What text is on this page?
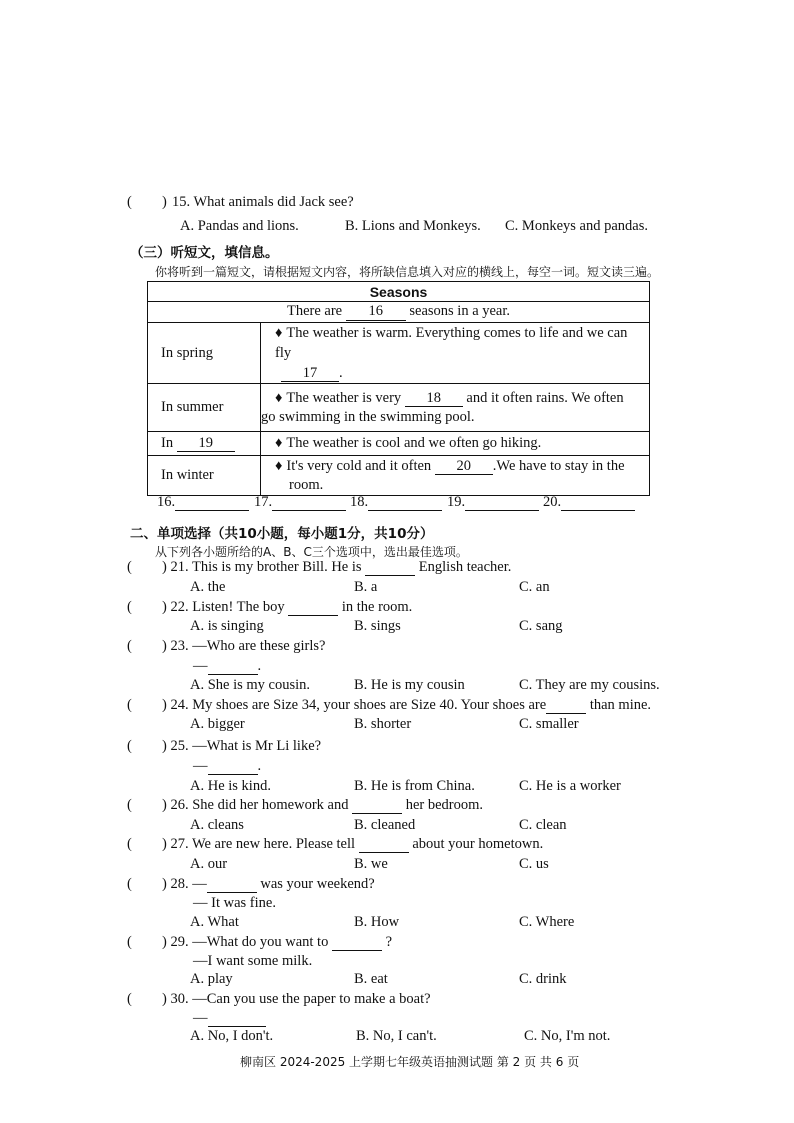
( ) 15. What animals did Jack see?
A. Pandas and lions.	B. Lions and Monkeys. C. Monkeys and pandas.
（三）听短文，填信息。
你将听到一篇短文，请根据短文内容，将所缺信息填入对应的横线上，每空一词。短文读三遍。
Seasons	
There are 16 seasons in a year.	
In spring	♦ The weather is warm. Everything comes to life and we can fly
17 .
In summer	♦ The weather is very 18 and it often rains. We often
go swimming in the swimming pool.
In 19	♦ The weather is cool and we often go hiking.
In winter	♦ It's very cold and it often 20 .We have to stay in the
room.
16.	17.	18.	19.	20.
二、单项选择（共10小题，每小题1分，共10分）
从下列各小题所给的A、B、C三个选项中，选出最佳选项。
( ) 21. This is my brother Bill. He is	English teacher.
A. the	B. a	C. an
( ) 22. Listen! The boy	in the room.
A. is singing	B. sings	C. sang
( ) 23. —Who are these girls?
—	.
A. She is my cousin.	B. He is my cousin	C. They are my cousins.
( ) 24. My shoes are Size 34, your shoes are Size 40. Your shoes are	than mine.
A. bigger	B. shorter	C. smaller
( ) 25. —What is Mr Li like?
—	.
A. He is kind.	B. He is from China.	C. He is a worker
( ) 26. She did her homework and	her bedroom.
A. cleans	B. cleaned	C. clean
( ) 27. We are new here. Please tell	about your hometown.
A. our	B. we	C. us
( ) 28. —	was your weekend?
— It was fine.
A. What	B. How	C. Where
( ) 29. —What do you want to	?
—I want some milk.
A. play	B. eat	C. drink
( ) 30. —Can you use the paper to make a boat?
—
A. No, I don't.	B. No, I can't.	C. No, I'm not.
柳南区 2024-2025 上学期七年级英语抽测试题 第 2 页 共 6 页
